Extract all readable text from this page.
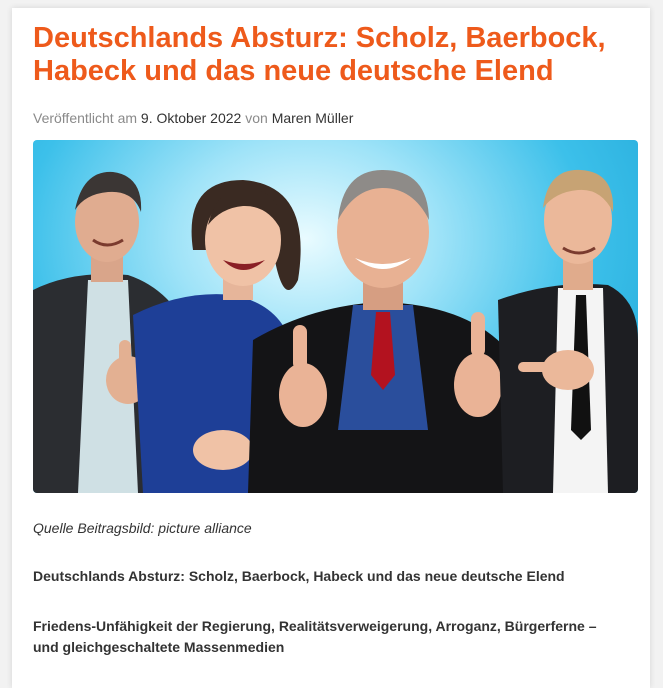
Deutschlands Absturz: Scholz, Baerbock, Habeck und das neue deutsche Elend
Veröffentlicht am 9. Oktober 2022 von Maren Müller
Quelle Beitragsbild: picture alliance
Deutschlands Absturz: Scholz, Baerbock, Habeck und das neue deutsche Elend

Friedens-Unfähigkeit der Regierung, Realitätsverweigerung, Arroganz, Bürgerferne – und gleichgeschaltete Massenmedien
